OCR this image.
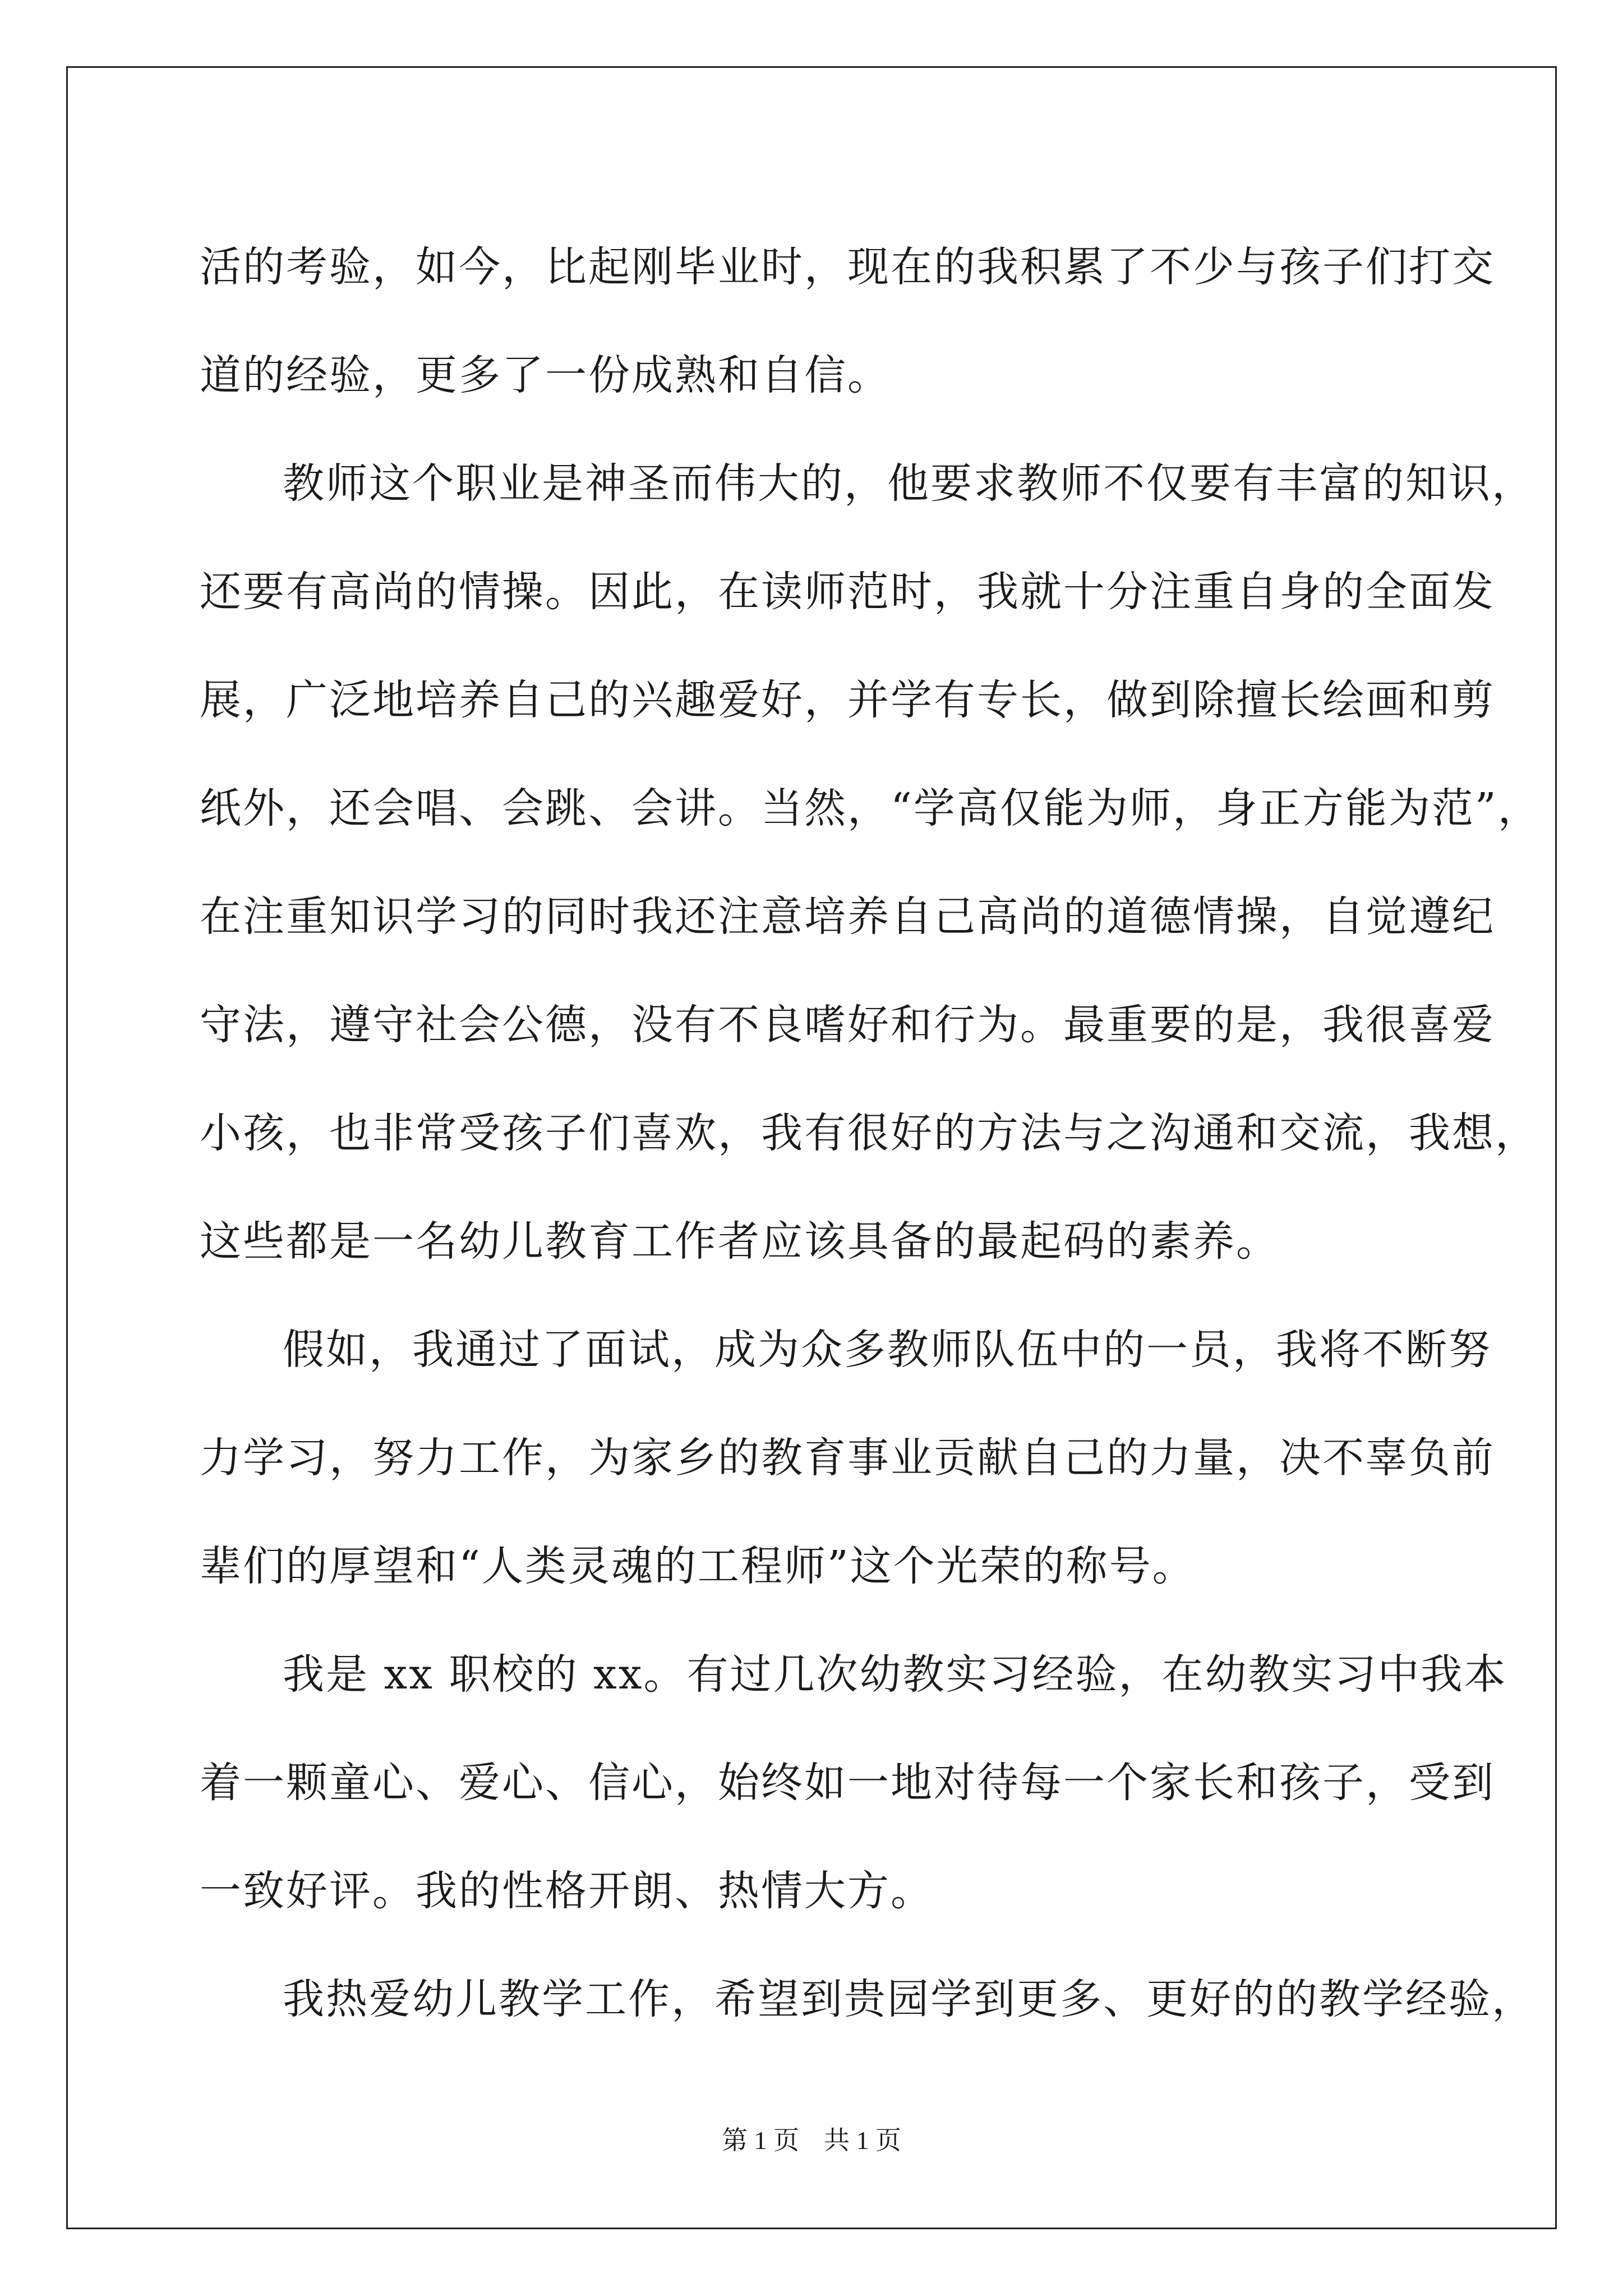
活的考验，如今，比起刚毕业时，现在的我积累了不少与孩子们打交
道的经验，更多了一份成熟和自信。
教师这个职业是神圣而伟大的，他要求教师不仅要有丰富的知识，
还要有高尚的情操。因此，在读师范时，我就十分注重自身的全面发
展，广泛地培养自己的兴趣爱好，并学有专长，做到除擅长绘画和剪
纸外，还会唱、会跳、会讲。当然，“学高仅能为师，身正方能为范”，
在注重知识学习的同时我还注意培养自己高尚的道德情操，自觉遵纪
守法，遵守社会公德，没有不良嗜好和行为。最重要的是，我很喜爱
小孩，也非常受孩子们喜欢，我有很好的方法与之沟通和交流，我想，
这些都是一名幼儿教育工作者应该具备的最起码的素养。
假如，我通过了面试，成为众多教师队伍中的一员，我将不断努
力学习，努力工作，为家乡的教育事业贡献自己的力量，决不辜负前
辈们的厚望和“人类灵魂的工程师”这个光荣的称号。
我是 xx 职校的 xx。有过几次幼教实习经验，在幼教实习中我本
着一颗童心、爱心、信心，始终如一地对待每一个家长和孩子，受到
一致好评。我的性格开朗、热情大方。
我热爱幼儿教学工作，希望到贵园学到更多、更好的的教学经验，
第 1 页 共 1 页
